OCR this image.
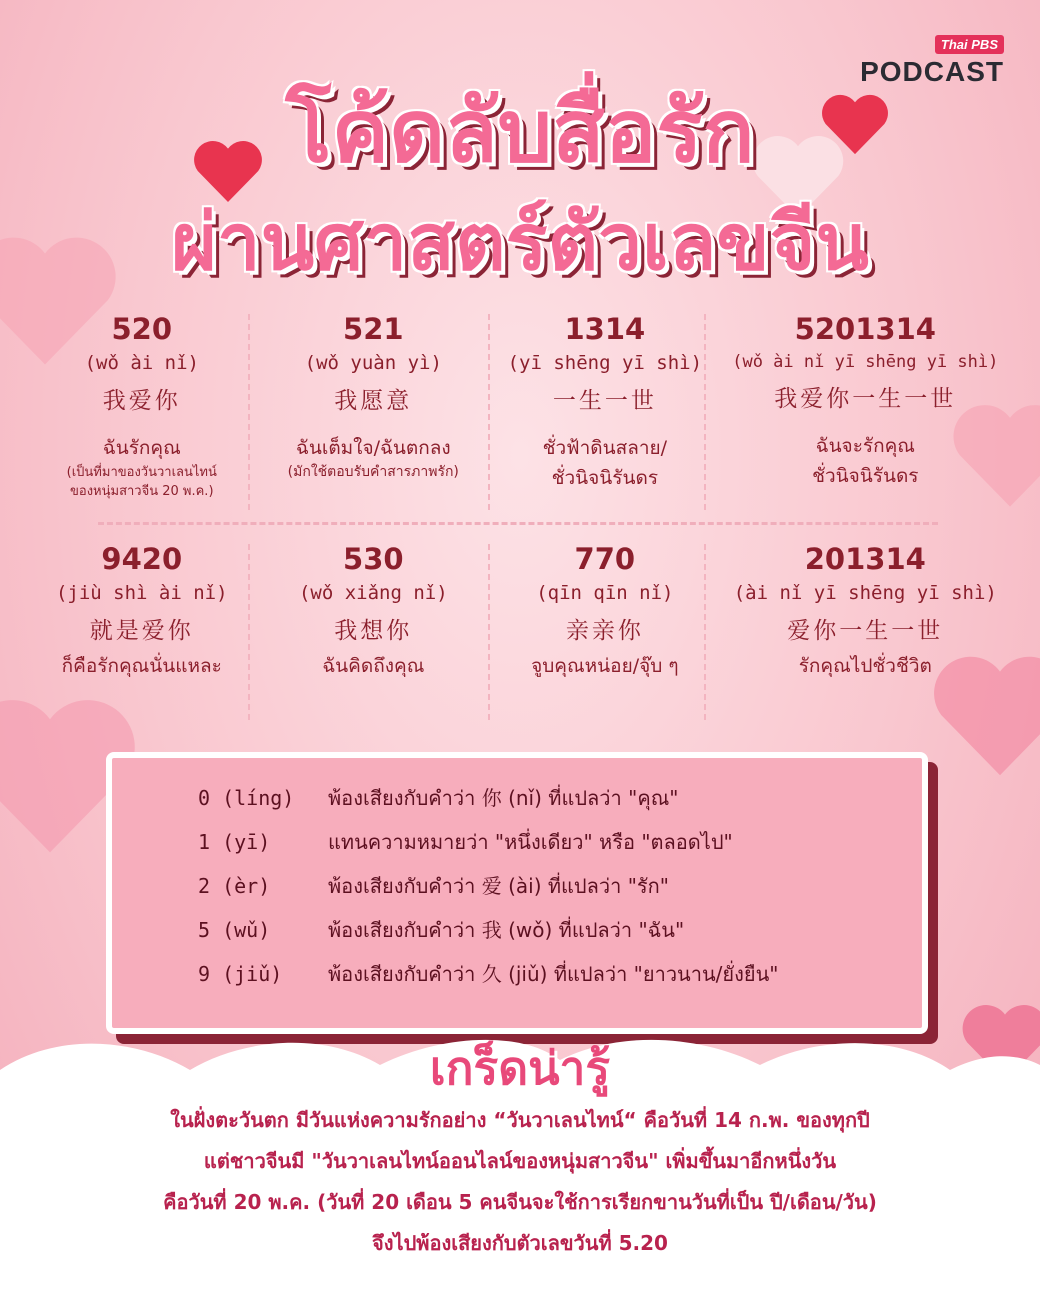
Thai PBS
PODCAST
โค้ดลับสื่อรัก
ผ่านศาสตร์ตัวเลขจีน
520
(wǒ ài nǐ)
我爱你
ฉันรักคุณ
(เป็นที่มาของวันวาเลนไทน์
ของหนุ่มสาวจีน 20 พ.ค.)
521
(wǒ yuàn yì)
我愿意
ฉันเต็มใจ/ฉันตกลง
(มักใช้ตอบรับคำสารภาพรัก)
1314
(yī shēng yī shì)
一生一世
ชั่วฟ้าดินสลาย/
ชั่วนิจนิรันดร
5201314
(wǒ ài nǐ yī shēng yī shì)
我爱你一生一世
ฉันจะรักคุณ
ชั่วนิจนิรันดร
9420
(jiù shì ài nǐ)
就是爱你
ก็คือรักคุณนั่นแหละ
530
(wǒ xiǎng nǐ)
我想你
ฉันคิดถึงคุณ
770
(qīn qīn nǐ)
亲亲你
จูบคุณหน่อย/จุ๊บ ๆ
201314
(ài nǐ yī shēng yī shì)
爱你一生一世
รักคุณไปชั่วชีวิต
0 (líng)	พ้องเสียงกับคำว่า 你 (nǐ) ที่แปลว่า "คุณ"
1 (yī)	แทนความหมายว่า "หนึ่งเดียว" หรือ "ตลอดไป"
2 (èr)	พ้องเสียงกับคำว่า 爱 (ài) ที่แปลว่า "รัก"
5 (wǔ)	พ้องเสียงกับคำว่า 我 (wǒ) ที่แปลว่า "ฉัน"
9 (jiǔ)	พ้องเสียงกับคำว่า 久 (jiǔ) ที่แปลว่า "ยาวนาน/ยั่งยืน"
เกร็ดน่ารู้
ในฝั่งตะวันตก มีวันแห่งความรักอย่าง “วันวาเลนไทน์“ คือวันที่ 14 ก.พ. ของทุกปี
แต่ชาวจีนมี "วันวาเลนไทน์ออนไลน์ของหนุ่มสาวจีน" เพิ่มขึ้นมาอีกหนึ่งวัน
คือวันที่ 20 พ.ค. (วันที่ 20 เดือน 5 คนจีนจะใช้การเรียกขานวันที่เป็น ปี/เดือน/วัน)
จึงไปพ้องเสียงกับตัวเลขวันที่ 5.20
